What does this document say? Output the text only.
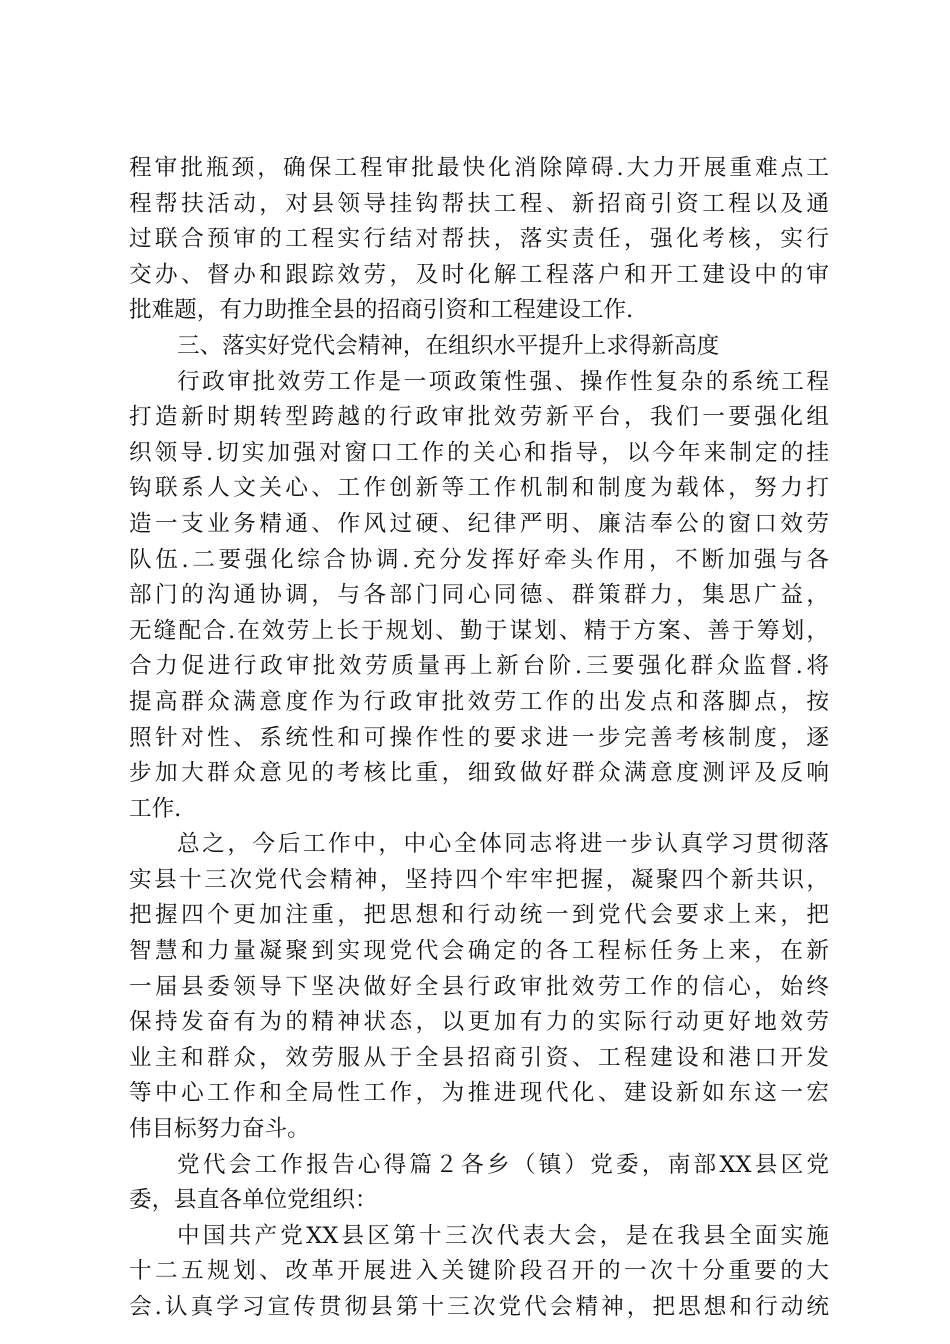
程审批瓶颈，确保工程审批最快化消除障碍.大力开展重难点工
程帮扶活动，对县领导挂钩帮扶工程、新招商引资工程以及通
过联合预审的工程实行结对帮扶，落实责任，强化考核，实行
交办、督办和跟踪效劳，及时化解工程落户和开工建设中的审
批难题，有力助推全县的招商引资和工程建设工作.
三、落实好党代会精神，在组织水平提升上求得新高度
行政审批效劳工作是一项政策性强、操作性复杂的系统工程
打造新时期转型跨越的行政审批效劳新平台，我们一要强化组
织领导.切实加强对窗口工作的关心和指导，以今年来制定的挂
钩联系人文关心、工作创新等工作机制和制度为载体，努力打
造一支业务精通、作风过硬、纪律严明、廉洁奉公的窗口效劳
队伍.二要强化综合协调.充分发挥好牵头作用，不断加强与各
部门的沟通协调，与各部门同心同德、群策群力，集思广益，
无缝配合.在效劳上长于规划、勤于谋划、精于方案、善于筹划，
合力促进行政审批效劳质量再上新台阶.三要强化群众监督.将
提高群众满意度作为行政审批效劳工作的出发点和落脚点，按
照针对性、系统性和可操作性的要求进一步完善考核制度，逐
步加大群众意见的考核比重，细致做好群众满意度测评及反响
工作.
总之，今后工作中，中心全体同志将进一步认真学习贯彻落
实县十三次党代会精神，坚持四个牢牢把握，凝聚四个新共识，
把握四个更加注重，把思想和行动统一到党代会要求上来，把
智慧和力量凝聚到实现党代会确定的各工程标任务上来，在新
一届县委领导下坚决做好全县行政审批效劳工作的信心，始终
保持发奋有为的精神状态，以更加有力的实际行动更好地效劳
业主和群众，效劳服从于全县招商引资、工程建设和港口开发
等中心工作和全局性工作，为推进现代化、建设新如东这一宏
伟目标努力奋斗。
党代会工作报告心得篇２各乡（镇）党委，南部XX县区党
委，县直各单位党组织：
中国共产党XX县区第十三次代表大会，是在我县全面实施
十二五规划、改革开展进入关键阶段召开的一次十分重要的大
会.认真学习宣传贯彻县第十三次党代会精神，把思想和行动统
